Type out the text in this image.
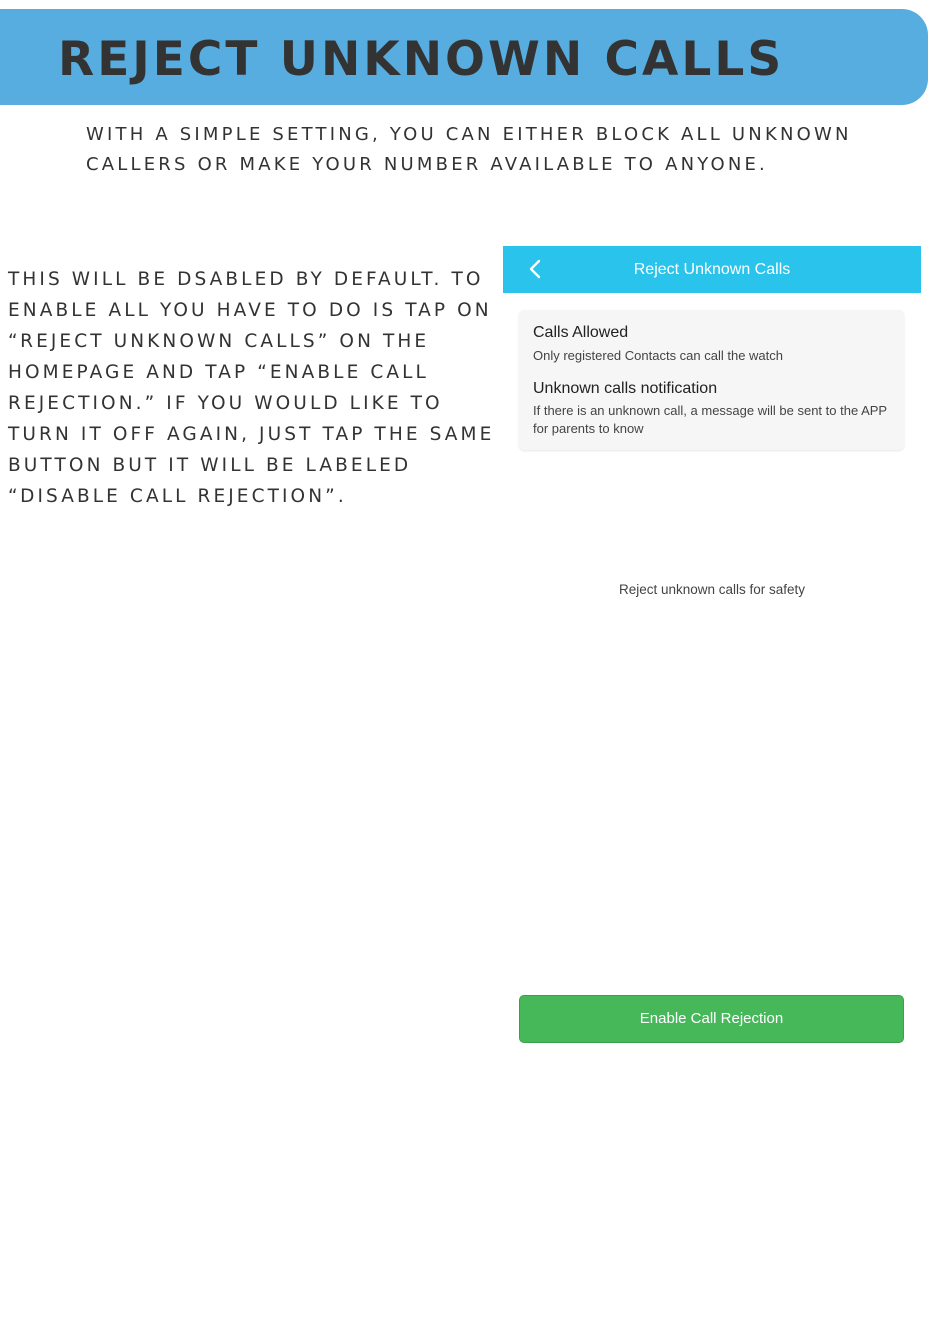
REJECT UNKNOWN CALLS

WITH A SIMPLE SETTING, YOU CAN EITHER BLOCK ALL UNKNOWN CALLERS OR MAKE YOUR NUMBER AVAILABLE TO ANYONE.

THIS WILL BE DSABLED BY DEFAULT. TO ENABLE ALL YOU HAVE TO DO IS TAP ON “REJECT UNKNOWN CALLS” ON THE HOMEPAGE AND TAP “ENABLE CALL REJECTION.” IF YOU WOULD LIKE TO TURN IT OFF AGAIN, JUST TAP THE SAME BUTTON BUT IT WILL BE LABELED “DISABLE CALL REJECTION”.

Reject Unknown Calls

Calls Allowed

Only registered Contacts can call the watch

Unknown calls notification

If there is an unknown call, a message will be sent to the APP for parents to know

Reject unknown calls for safety
Enable Call Rejection
